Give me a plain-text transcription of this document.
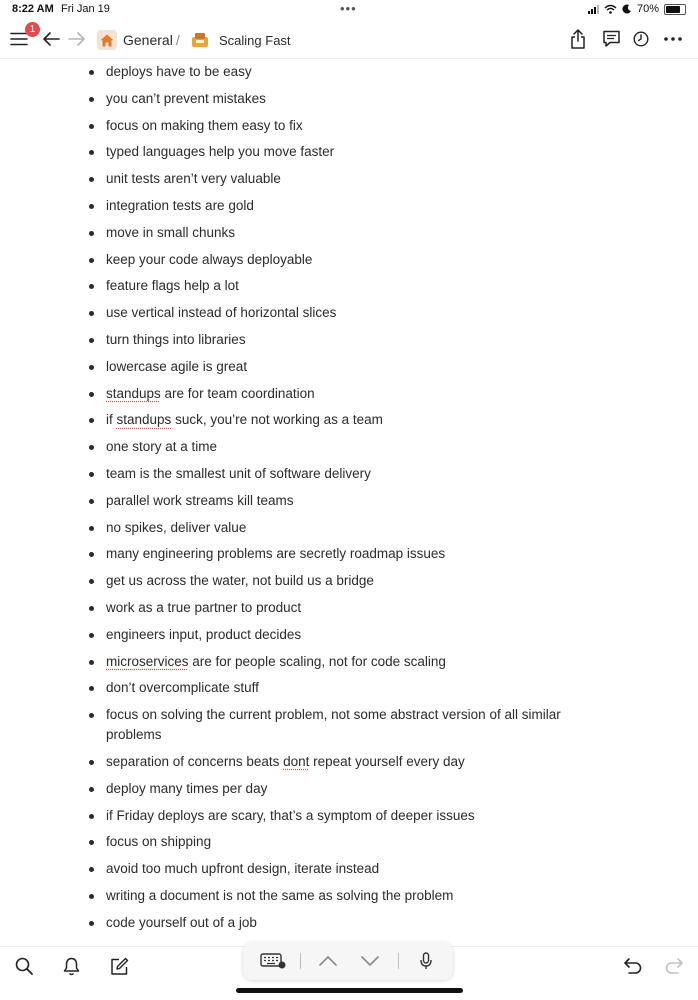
8:22 AM Fri Jan 19	•••	70%
1
General /	Scaling Fast
deploys have to be easy
you can’t prevent mistakes
focus on making them easy to fix
typed languages help you move faster
unit tests aren’t very valuable
integration tests are gold
move in small chunks
keep your code always deployable
feature flags help a lot
use vertical instead of horizontal slices
turn things into libraries
lowercase agile is great
standups are for team coordination
if standups suck, you’re not working as a team
one story at a time
team is the smallest unit of software delivery
parallel work streams kill teams
no spikes, deliver value
many engineering problems are secretly roadmap issues
get us across the water, not build us a bridge
work as a true partner to product
engineers input, product decides
microservices are for people scaling, not for code scaling
don’t overcomplicate stuff
focus on solving the current problem, not some abstract version of all similar problems
separation of concerns beats dont repeat yourself every day
deploy many times per day
if Friday deploys are scary, that’s a symptom of deeper issues
focus on shipping
avoid too much upfront design, iterate instead
writing a document is not the same as solving the problem
code yourself out of a job
